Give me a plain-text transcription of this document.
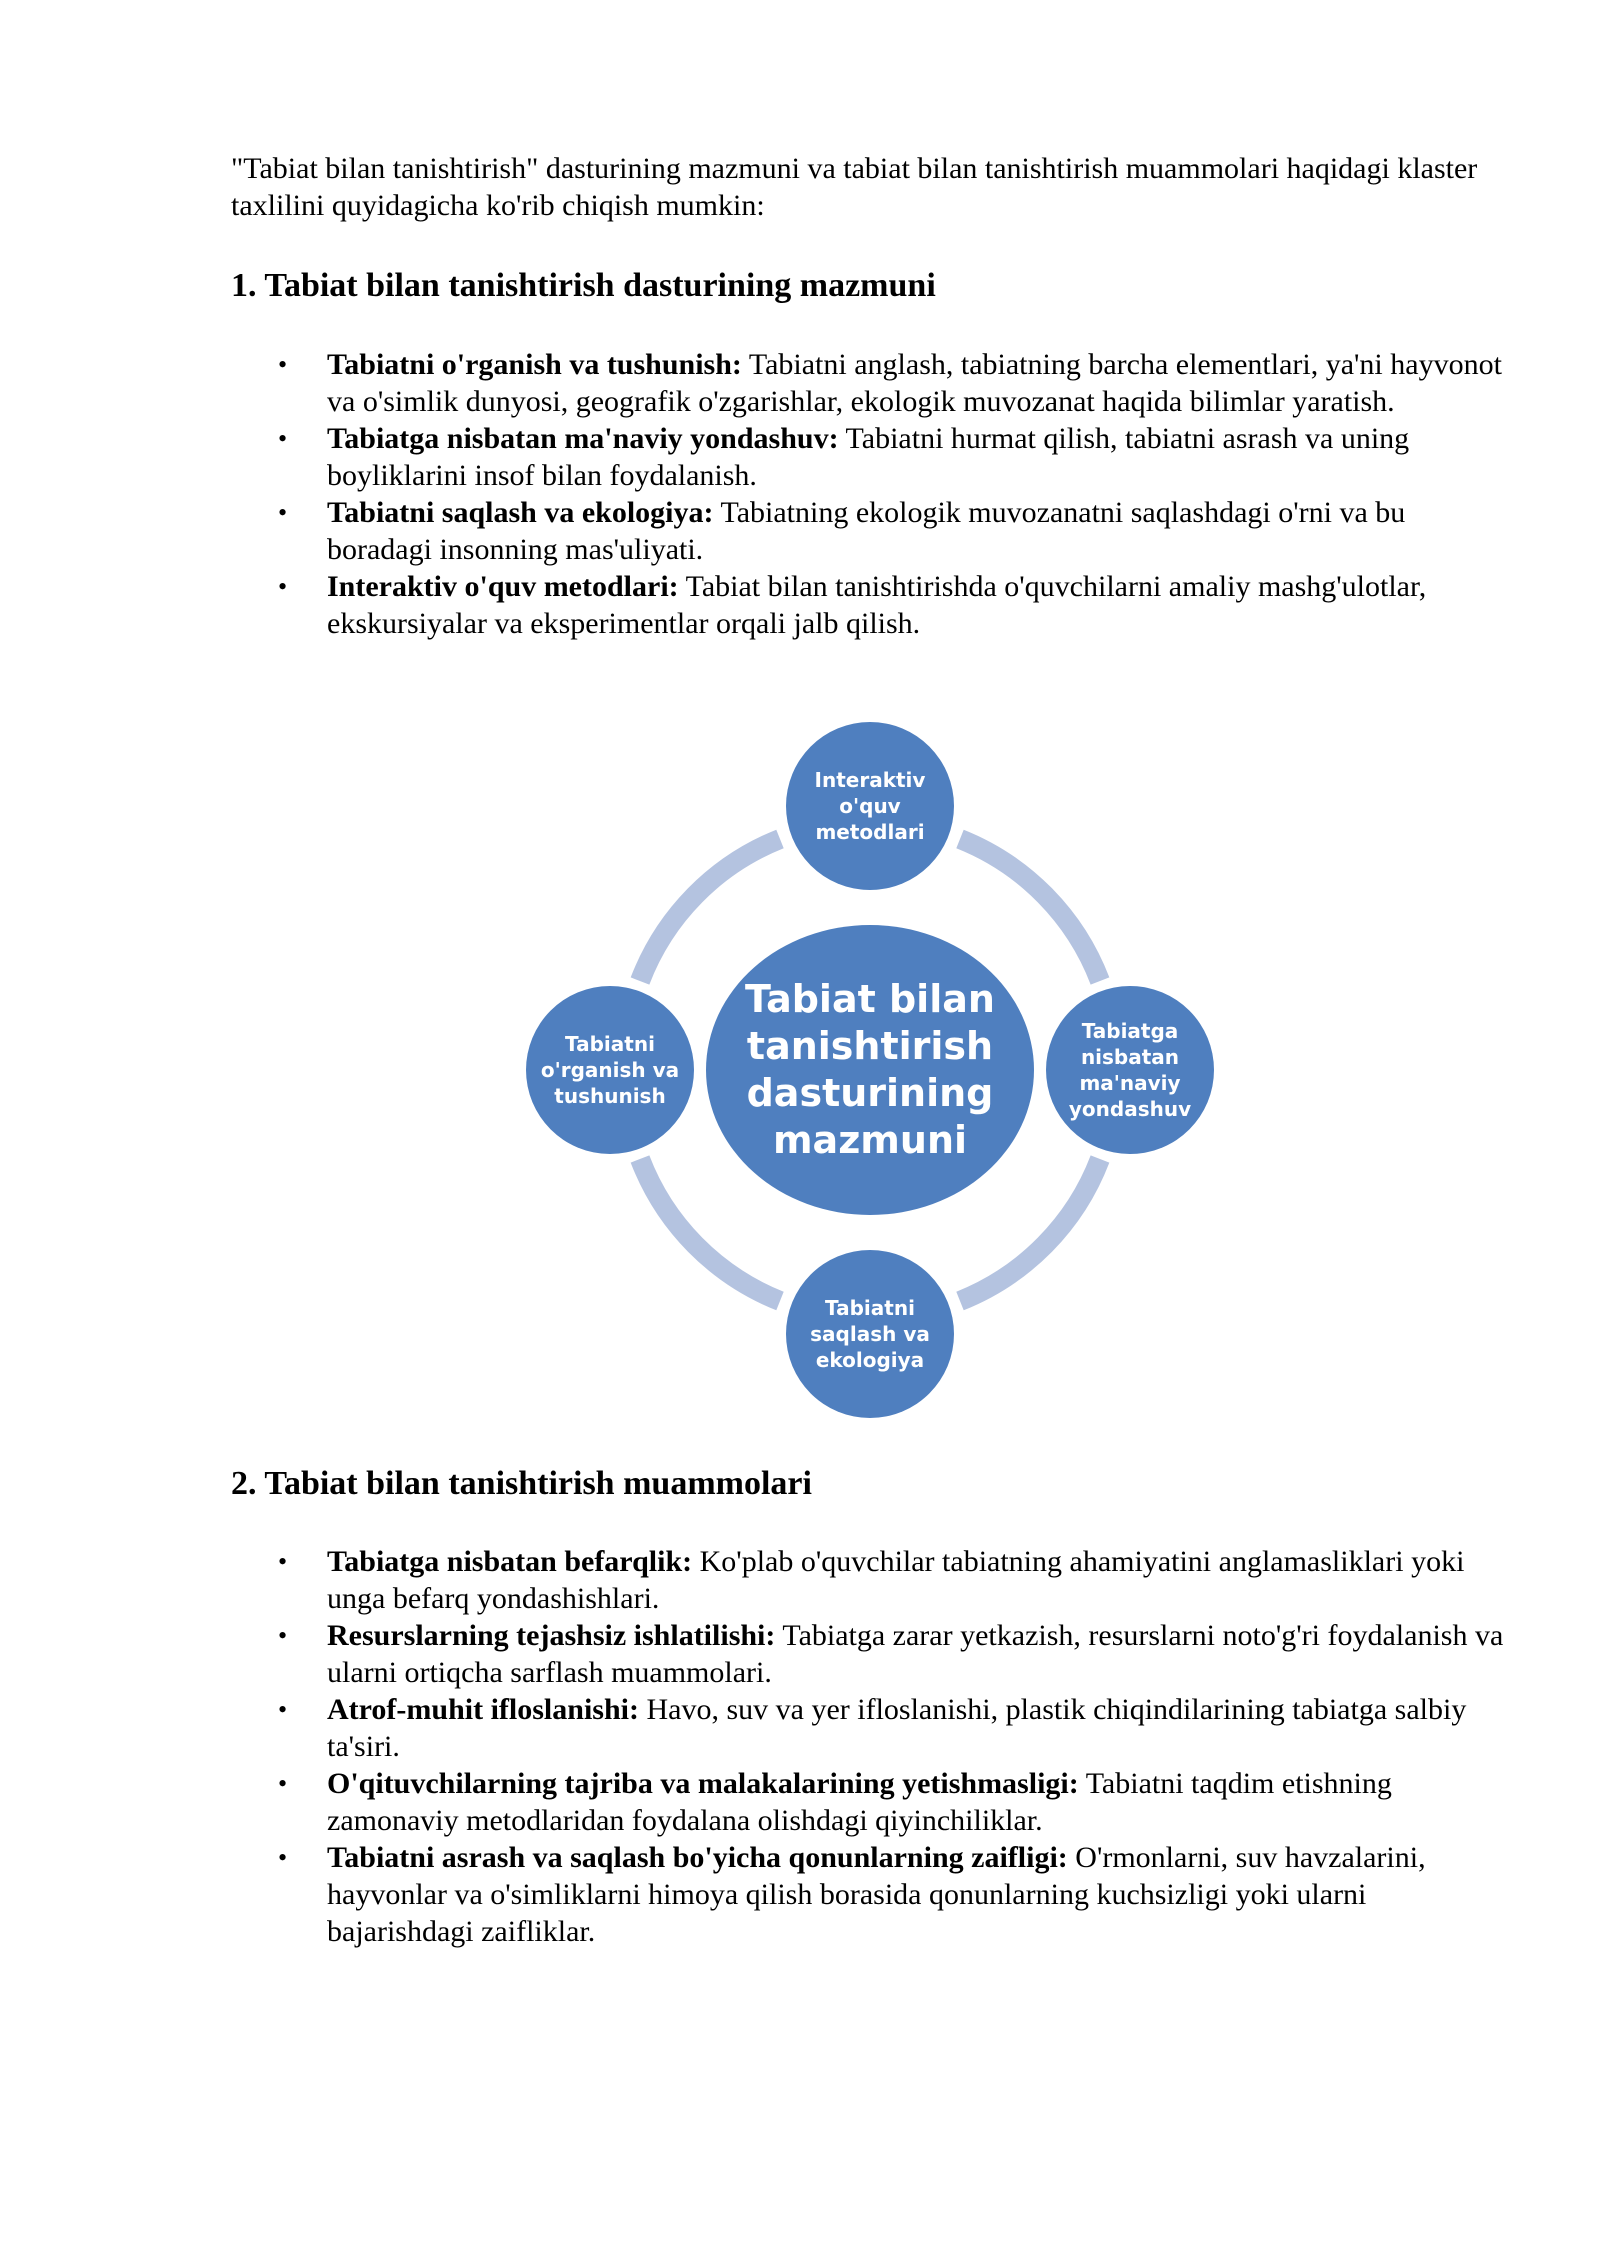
"Tabiat bilan tanishtirish" dasturining mazmuni va tabiat bilan tanishtirish muammolari haqidagi klaster taxlilini quyidagicha ko'rib chiqish mumkin:

1. Tabiat bilan tanishtirish dasturining mazmuni
• Tabiatni o'rganish va tushunish: Tabiatni anglash, tabiatning barcha elementlari, ya'ni hayvonot va o'simlik dunyosi, geografik o'zgarishlar, ekologik muvozanat haqida bilimlar yaratish.
• Tabiatga nisbatan ma'naviy yondashuv: Tabiatni hurmat qilish, tabiatni asrash va uning boyliklarini insof bilan foydalanish.
• Tabiatni saqlash va ekologiya: Tabiatning ekologik muvozanatni saqlashdagi o'rni va bu boradagi insonning mas'uliyati.
• Interaktiv o'quv metodlari: Tabiat bilan tanishtirishda o'quvchilarni amaliy mashg'ulotlar, ekskursiyalar va eksperimentlar orqali jalb qilish.
Interaktiv o'quv metodlari
Tabiatga nisbatan ma'naviy yondashuv
Tabiatni saqlash va ekologiya
Tabiatni o'rganish va tushunish
Tabiat bilan tanishtirish dasturining mazmuni
2. Tabiat bilan tanishtirish muammolari
• Tabiatga nisbatan befarqlik: Ko'plab o'quvchilar tabiatning ahamiyatini anglamasliklari yoki unga befarq yondashishlari.
• Resurslarning tejashsiz ishlatilishi: Tabiatga zarar yetkazish, resurslarni noto'g'ri foydalanish va ularni ortiqcha sarflash muammolari.
• Atrof-muhit ifloslanishi: Havo, suv va yer ifloslanishi, plastik chiqindilarining tabiatga salbiy ta'siri.
• O'qituvchilarning tajriba va malakalarining yetishmasligi: Tabiatni taqdim etishning zamonaviy metodlaridan foydalana olishdagi qiyinchiliklar.
• Tabiatni asrash va saqlash bo'yicha qonunlarning zaifligi: O'rmonlarni, suv havzalarini, hayvonlar va o'simliklarni himoya qilish borasida qonunlarning kuchsizligi yoki ularni bajarishdagi zaifliklar.
